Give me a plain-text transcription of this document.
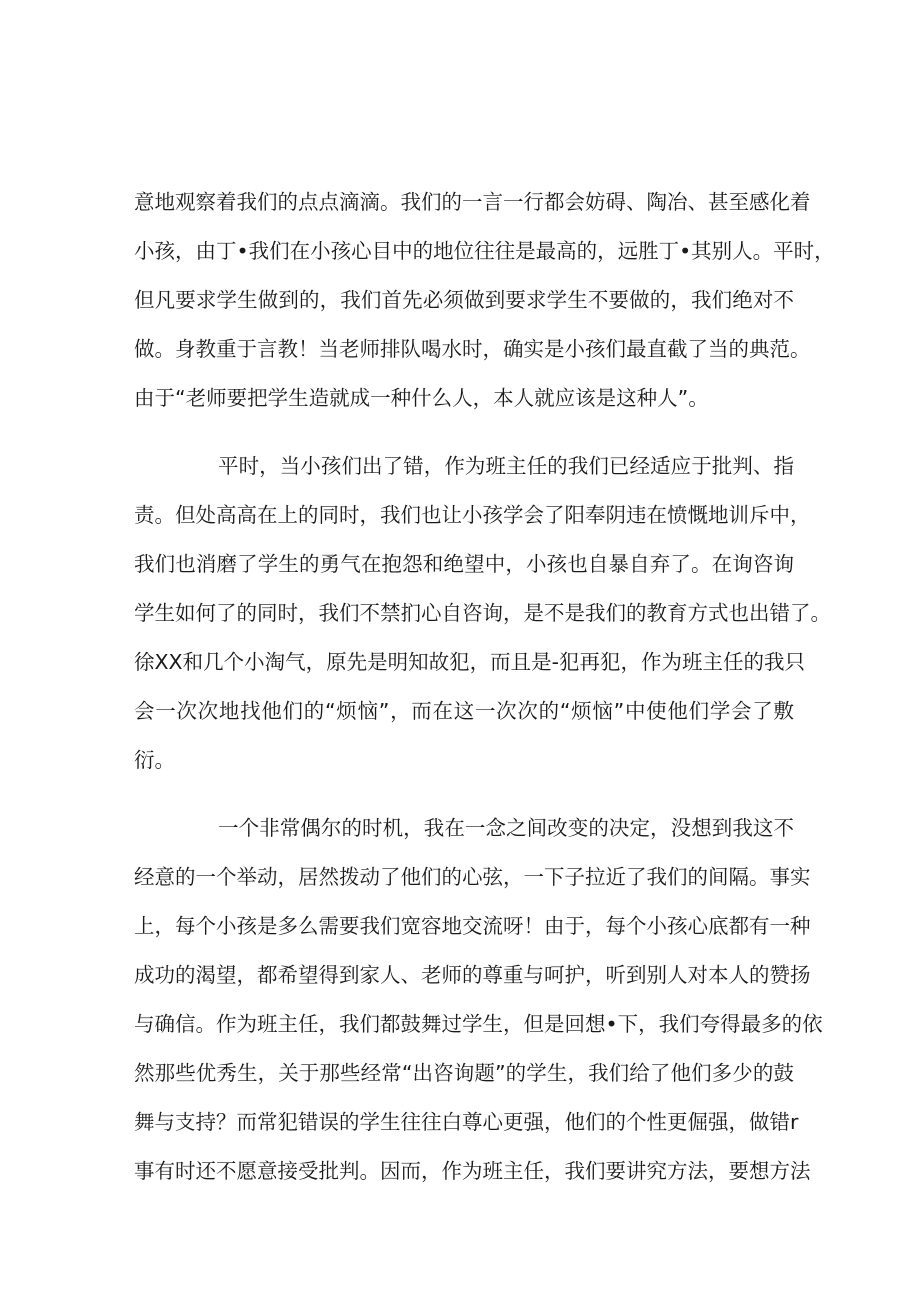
意地观察着我们的点点滴滴。我们的一言一行都会妨碍、陶冶、甚至感化着
小孩，由丁•我们在小孩心目中的地位往往是最高的，远胜丁•其别人。平时，
但凡要求学生做到的，我们首先必须做到要求学生不要做的，我们绝对不
做。身教重于言教！当老师排队喝水时，确实是小孩们最直截了当的典范。
由于“老师要把学生造就成一种什么人，本人就应该是这种人”。
平时，当小孩们出了错，作为班主任的我们已经适应于批判、指
责。但处高高在上的同时，我们也让小孩学会了阳奉阴违在愤慨地训斥中，
我们也消磨了学生的勇气在抱怨和绝望中，小孩也自暴自弃了。在询咨询
学生如何了的同时，我们不禁扪心自咨询，是不是我们的教育方式也出错了。
徐XX和几个小淘气，原先是明知故犯，而且是-犯再犯，作为班主任的我只
会一次次地找他们的“烦恼”，而在这一次次的“烦恼”中使他们学会了敷
衍。
一个非常偶尔的时机，我在一念之间改变的决定，没想到我这不
经意的一个举动，居然拨动了他们的心弦，一下子拉近了我们的间隔。事实
上，每个小孩是多么需要我们宽容地交流呀！由于，每个小孩心底都有一种
成功的渴望，都希望得到家人、老师的尊重与呵护，听到别人对本人的赞扬
与确信。作为班主任，我们都鼓舞过学生，但是回想•下，我们夸得最多的依
然那些优秀生，关于那些经常“出咨询题”的学生，我们给了他们多少的鼓
舞与支持？而常犯错误的学生往往白尊心更强，他们的个性更倔强，做错r
事有时还不愿意接受批判。因而，作为班主任，我们要讲究方法，要想方法
